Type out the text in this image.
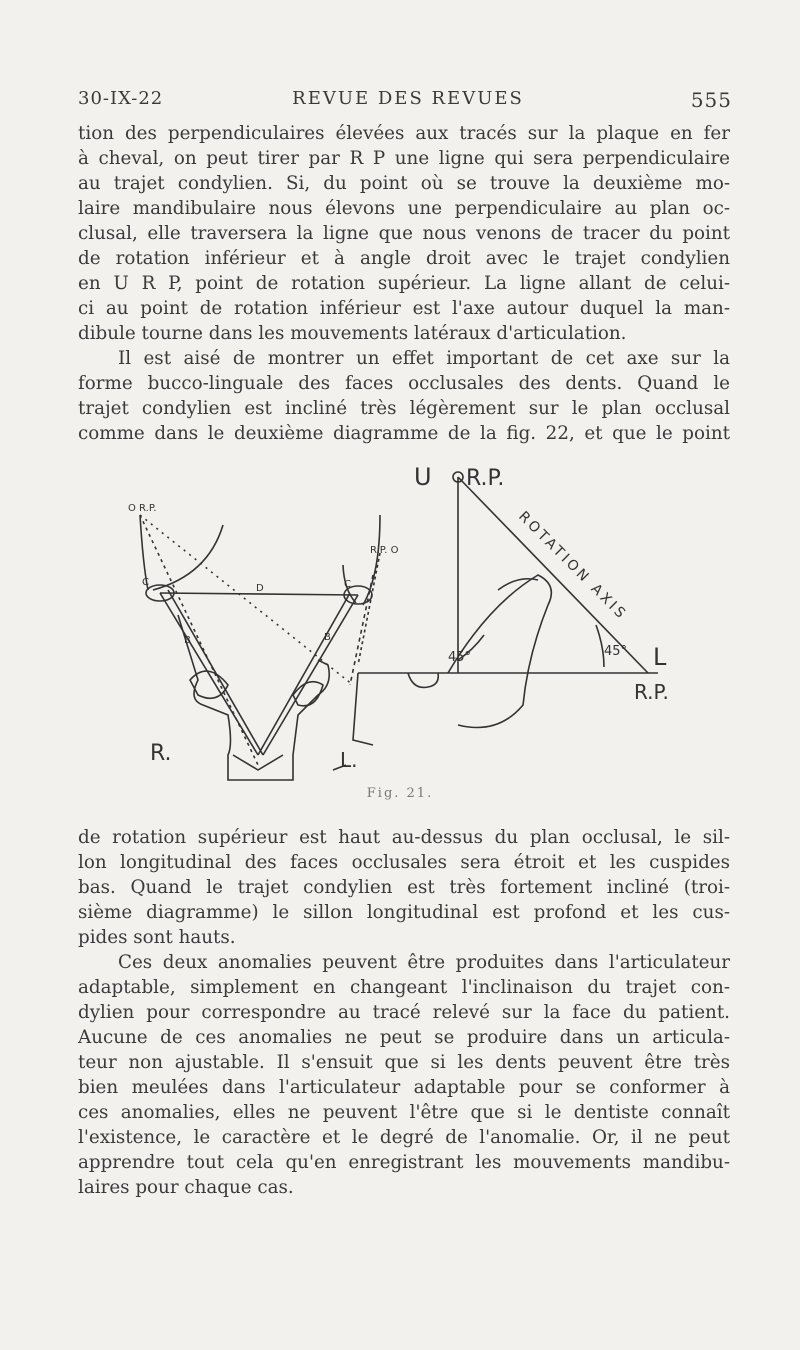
30-IX-22	REVUE DES REVUES	555
tion des perpendiculaires élevées aux tracés sur la plaque en fer
à cheval, on peut tirer par R P une ligne qui sera perpendiculaire
au trajet condylien. Si, du point où se trouve la deuxième mo-
laire mandibulaire nous élevons une perpendiculaire au plan oc-
clusal, elle traversera la ligne que nous venons de tracer du point
de rotation inférieur et à angle droit avec le trajet condylien
en U R P, point de rotation supérieur. La ligne allant de celui-
ci au point de rotation inférieur est l'axe autour duquel la man-
dibule tourne dans les mouvements latéraux d'articulation.
Il est aisé de montrer un effet important de cet axe sur la
forme bucco-linguale des faces occlusales des dents. Quand le
trajet condylien est incliné très légèrement sur le plan occlusal
comme dans le deuxième diagramme de la fig. 22, et que le point
O R.P.
R.P. O
C	C
D
B	B
R.	L.
U R.P.
ROTATION AXIS
45°	45° L
R.P.
Fig. 21.
de rotation supérieur est haut au-dessus du plan occlusal, le sil-
lon longitudinal des faces occlusales sera étroit et les cuspides
bas. Quand le trajet condylien est très fortement incliné (troi-
sième diagramme) le sillon longitudinal est profond et les cus-
pides sont hauts.
Ces deux anomalies peuvent être produites dans l'articulateur
adaptable, simplement en changeant l'inclinaison du trajet con-
dylien pour correspondre au tracé relevé sur la face du patient.
Aucune de ces anomalies ne peut se produire dans un articula-
teur non ajustable. Il s'ensuit que si les dents peuvent être très
bien meulées dans l'articulateur adaptable pour se conformer à
ces anomalies, elles ne peuvent l'être que si le dentiste connaît
l'existence, le caractère et le degré de l'anomalie. Or, il ne peut
apprendre tout cela qu'en enregistrant les mouvements mandibu-
laires pour chaque cas.
